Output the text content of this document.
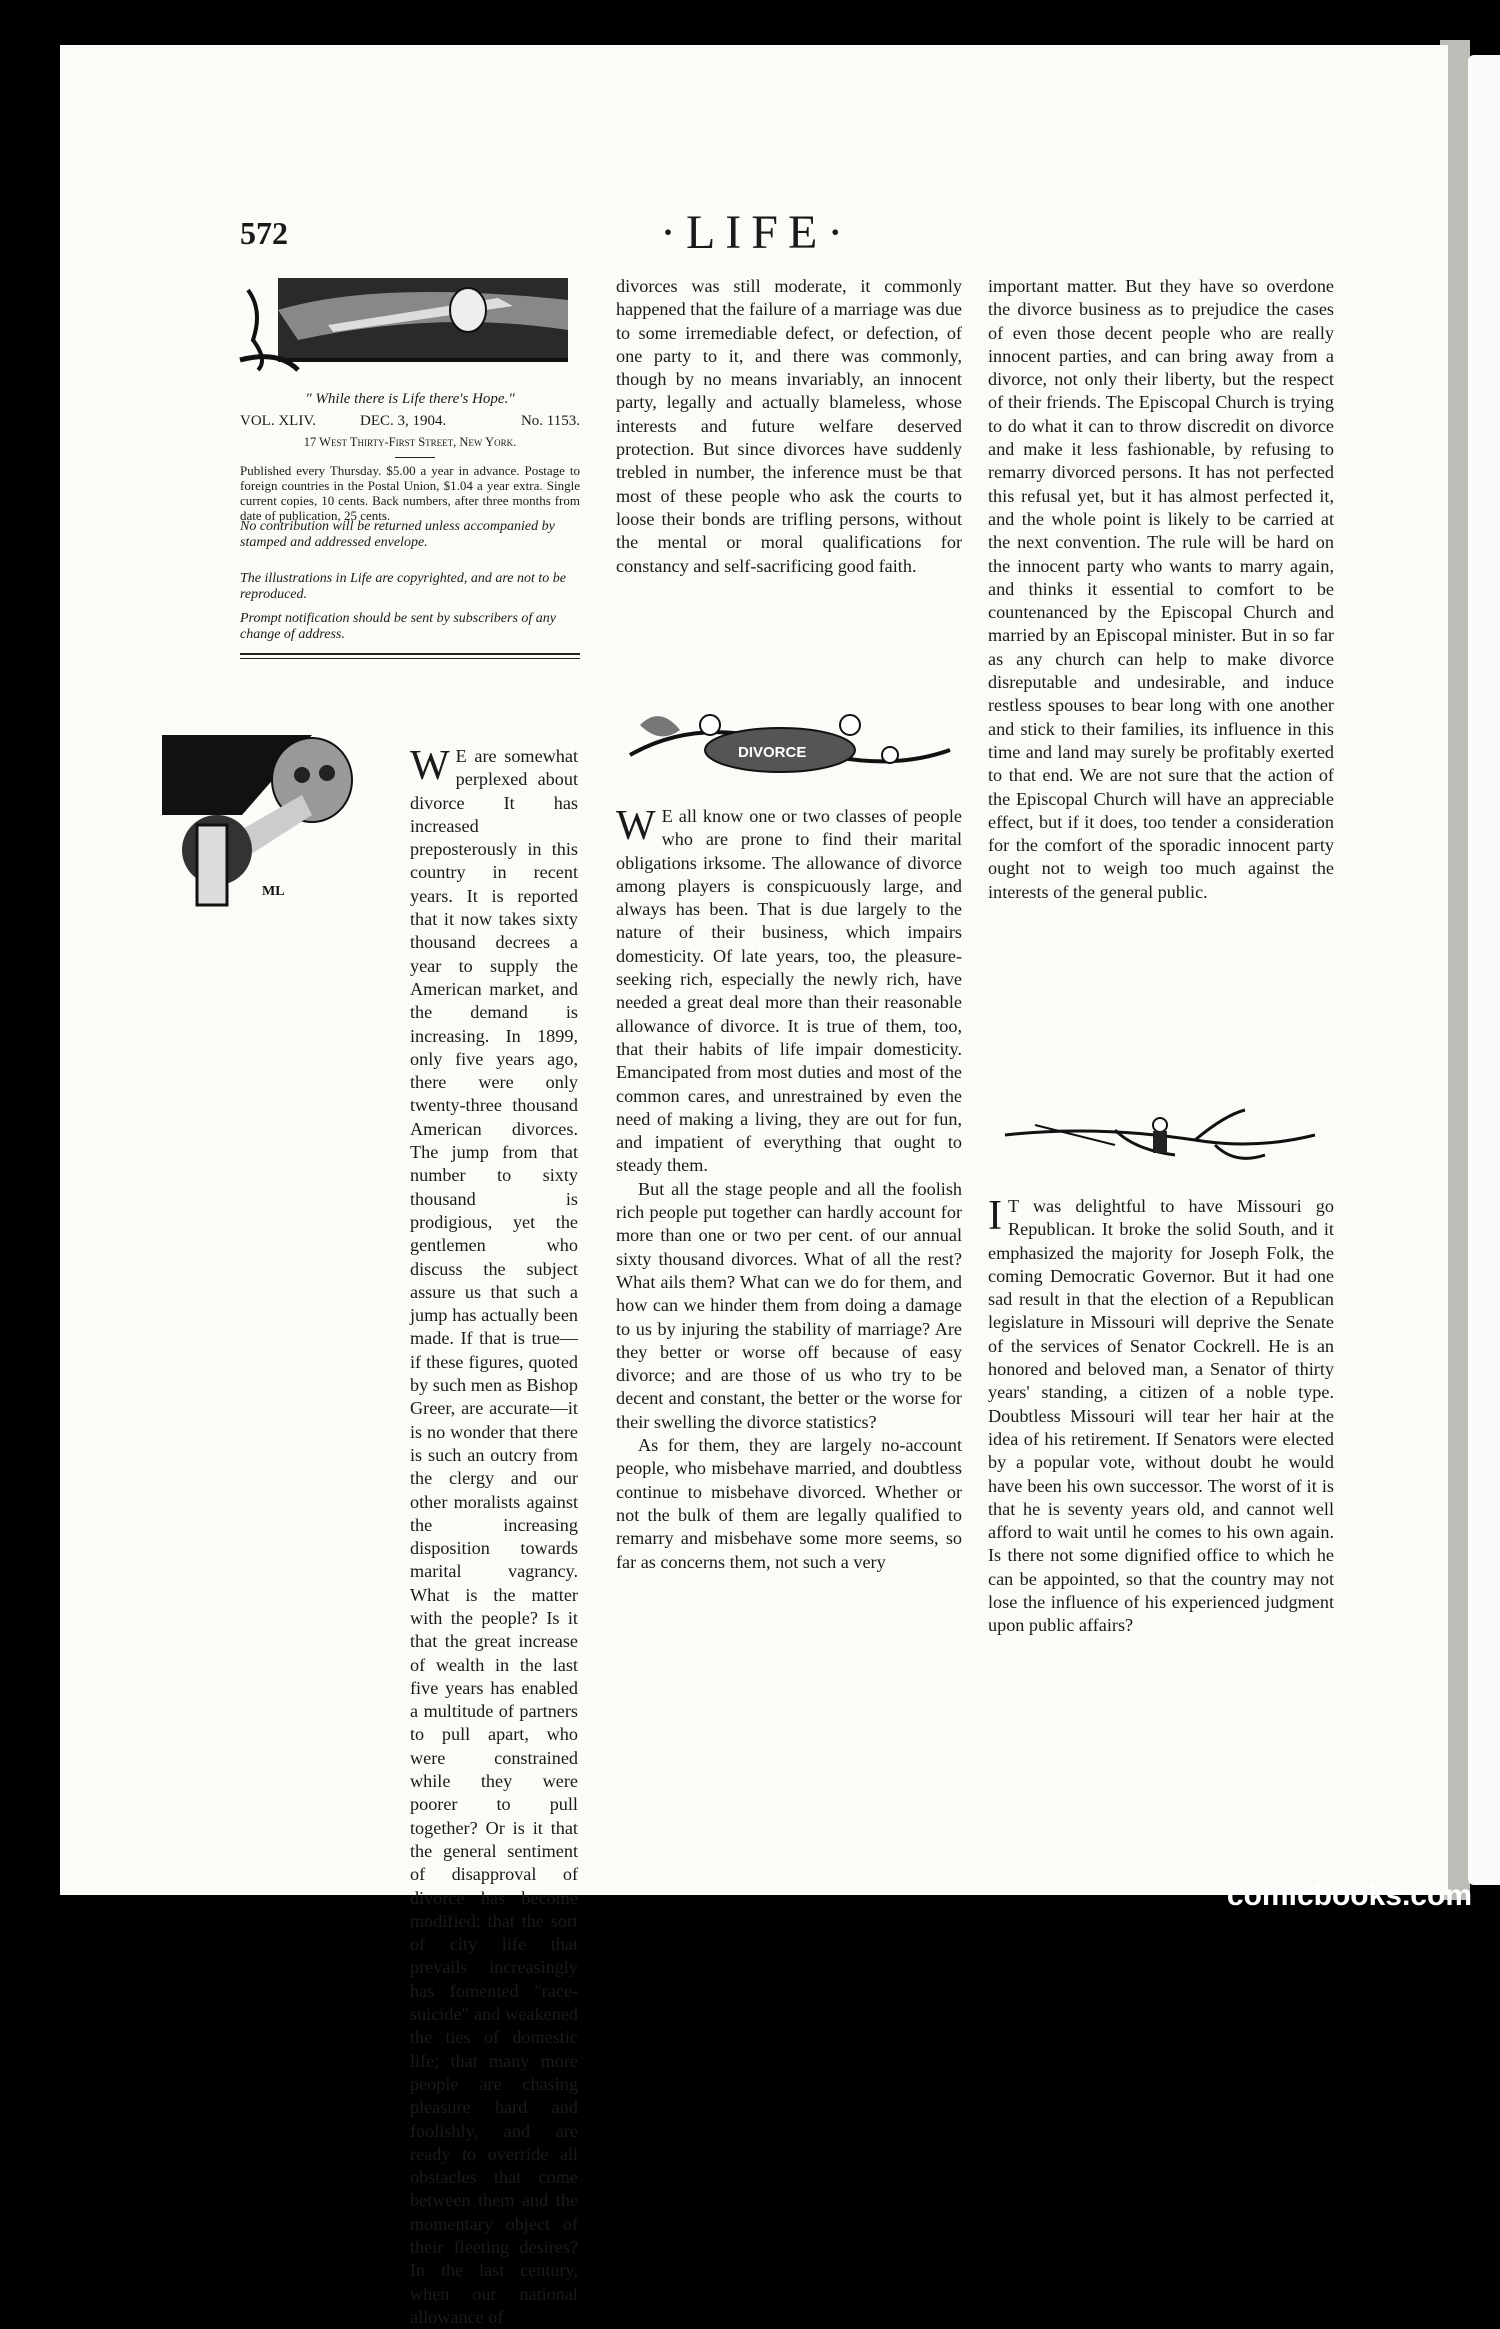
572	·LIFE·
" While there is Life there's Hope."
VOL. XLIV.	DEC. 3, 1904.	No. 1153.
17 West Thirty-First Street, New York.
Published every Thursday. $5.00 a year in advance. Postage to foreign countries in the Postal Union, $1.04 a year extra. Single current copies, 10 cents. Back numbers, after three months from date of publication, 25 cents.
No contribution will be returned unless accompanied by stamped and addressed envelope.
The illustrations in Life are copyrighted, and are not to be reproduced.
Prompt notification should be sent by subscribers of any change of address.
ML

W E are somewhat perplexed about divorce It has increased preposterously in this country in recent years. It is reported that it now takes sixty thousand decrees a year to supply the American market, and the demand is increasing. In 1899, only five years ago, there were only twenty-three thousand American divorces. The jump from that number to sixty thousand is prodigious, yet the gentlemen who discuss the subject assure us that such a jump has actually been made. If that is true—if these figures, quoted by such men as Bishop Greer, are accurate—it is no wonder that there is such an outcry from the clergy and our other moralists against the increasing disposition towards marital vagrancy. What is the matter with the people? Is it that the great increase of wealth in the last five years has enabled a multitude of partners to pull apart, who were constrained while they were poorer to pull together? Or is it that the general sentiment of disapproval of divorce has become modified; that the sort of city life that prevails increasingly has fomented "race-suicide" and weakened the ties of domestic life; that many more people are chasing pleasure hard and foolishly, and are ready to override all obstacles that come between them and the momentary object of their fleeting desires? In the last century, when our national allowance of

divorces was still moderate, it commonly happened that the failure of a marriage was due to some irremediable defect, or defection, of one party to it, and there was commonly, though by no means invariably, an innocent party, legally and actually blameless, whose interests and future welfare deserved protection. But since divorces have suddenly trebled in number, the inference must be that most of these people who ask the courts to loose their bonds are trifling persons, without the mental or moral qualifications for constancy and self-sacrificing good faith.

DIVORCE

W E all know one or two classes of people who are prone to find their marital obligations irksome. The allowance of divorce among players is conspicuously large, and always has been. That is due largely to the nature of their business, which impairs domesticity. Of late years, too, the pleasure-seeking rich, especially the newly rich, have needed a great deal more than their reasonable allowance of divorce. It is true of them, too, that their habits of life impair domesticity. Emancipated from most duties and most of the common cares, and unrestrained by even the need of making a living, they are out for fun, and impatient of everything that ought to steady them.

But all the stage people and all the foolish rich people put together can hardly account for more than one or two per cent. of our annual sixty thousand divorces. What of all the rest? What ails them? What can we do for them, and how can we hinder them from doing a damage to us by injuring the stability of marriage? Are they better or worse off because of easy divorce; and are those of us who try to be decent and constant, the better or the worse for their swelling the divorce statistics?

As for them, they are largely no-account people, who misbehave married, and doubtless continue to misbehave divorced. Whether or not the bulk of them are legally qualified to remarry and misbehave some more seems, so far as concerns them, not such a very

important matter. But they have so overdone the divorce business as to prejudice the cases of even those decent people who are really innocent parties, and can bring away from a divorce, not only their liberty, but the respect of their friends. The Episcopal Church is trying to do what it can to throw discredit on divorce and make it less fashionable, by refusing to remarry divorced persons. It has not perfected this refusal yet, but it has almost perfected it, and the whole point is likely to be carried at the next convention. The rule will be hard on the innocent party who wants to marry again, and thinks it essential to comfort to be countenanced by the Episcopal Church and married by an Episcopal minister. But in so far as any church can help to make divorce disreputable and undesirable, and induce restless spouses to bear long with one another and stick to their families, its influence in this time and land may surely be profitably exerted to that end. We are not sure that the action of the Episcopal Church will have an appreciable effect, but if it does, too tender a consideration for the comfort of the sporadic innocent party ought not to weigh too much against the interests of the general public.

I T was delightful to have Missouri go Republican. It broke the solid South, and it emphasized the majority for Joseph Folk, the coming Democratic Governor. But it had one sad result in that the election of a Republican legislature in Missouri will deprive the Senate of the services of Senator Cockrell. He is an honored and beloved man, a Senator of thirty years' standing, a citizen of a noble type. Doubtless Missouri will tear her hair at the idea of his retirement. If Senators were elected by a popular vote, without doubt he would have been his own successor. The worst of it is that he is seventy years old, and cannot well afford to wait until he comes to his own again. Is there not some dignified office to which he can be appointed, so that the country may not lose the influence of his experienced judgment upon public affairs?

comicbooks.com
